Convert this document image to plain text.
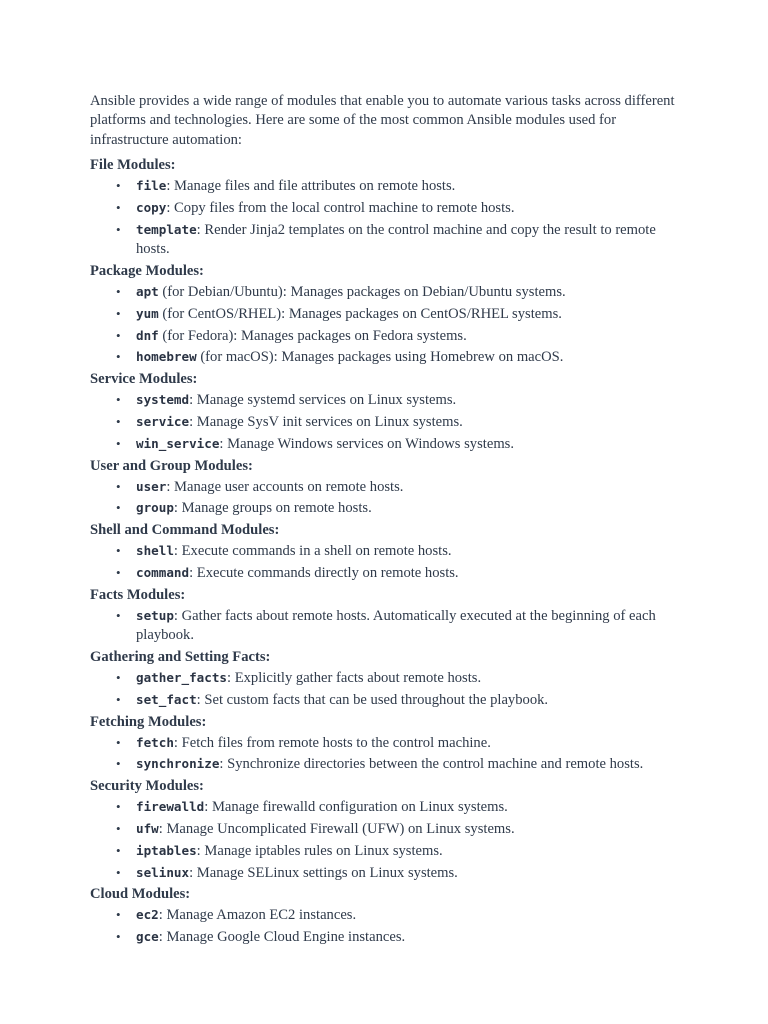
Ansible provides a wide range of modules that enable you to automate various tasks across different platforms and technologies. Here are some of the most common Ansible modules used for infrastructure automation:

File Modules:
• file: Manage files and file attributes on remote hosts.
• copy: Copy files from the local control machine to remote hosts.
• template: Render Jinja2 templates on the control machine and copy the result to remote hosts.
Package Modules:
• apt (for Debian/Ubuntu): Manages packages on Debian/Ubuntu systems.
• yum (for CentOS/RHEL): Manages packages on CentOS/RHEL systems.
• dnf (for Fedora): Manages packages on Fedora systems.
• homebrew (for macOS): Manages packages using Homebrew on macOS.
Service Modules:
• systemd: Manage systemd services on Linux systems.
• service: Manage SysV init services on Linux systems.
• win_service: Manage Windows services on Windows systems.
User and Group Modules:
• user: Manage user accounts on remote hosts.
• group: Manage groups on remote hosts.
Shell and Command Modules:
• shell: Execute commands in a shell on remote hosts.
• command: Execute commands directly on remote hosts.
Facts Modules:
• setup: Gather facts about remote hosts. Automatically executed at the beginning of each playbook.
Gathering and Setting Facts:
• gather_facts: Explicitly gather facts about remote hosts.
• set_fact: Set custom facts that can be used throughout the playbook.
Fetching Modules:
• fetch: Fetch files from remote hosts to the control machine.
• synchronize: Synchronize directories between the control machine and remote hosts.
Security Modules:
• firewalld: Manage firewalld configuration on Linux systems.
• ufw: Manage Uncomplicated Firewall (UFW) on Linux systems.
• iptables: Manage iptables rules on Linux systems.
• selinux: Manage SELinux settings on Linux systems.
Cloud Modules:
• ec2: Manage Amazon EC2 instances.
• gce: Manage Google Cloud Engine instances.
